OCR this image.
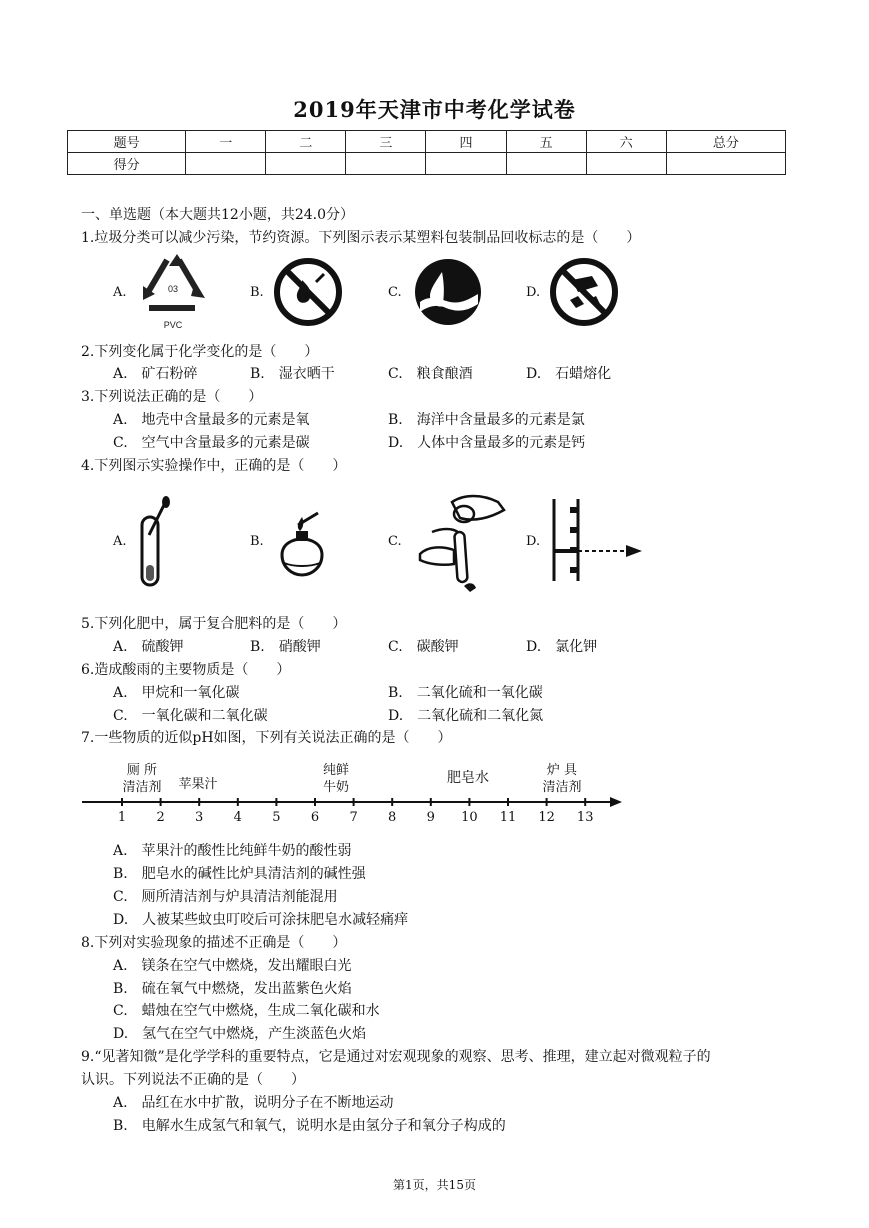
2019年天津市中考化学试卷
题号	一	二	三	四	五	六	总分
得分							
一、单选题（本大题共12小题，共24.0分）
1.垃圾分类可以减少污染，节约资源。下列图示表示某塑料包装制品回收标志的是（　　）
A.	03
PVC
B.	C.	D.
2.下列变化属于化学变化的是（　　）
A.　矿石粉碎	B.　湿衣晒干	C.　粮食酿酒	D.　石蜡熔化
3.下列说法正确的是（　　）
A.　地壳中含量最多的元素是氧	B.　海洋中含量最多的元素是氯
C.　空气中含量最多的元素是碳	D.　人体中含量最多的元素是钙
4.下列图示实验操作中，正确的是（　　）
A.	B.	C.	D.
5.下列化肥中，属于复合肥料的是（　　）
A.　硫酸钾	B.　硝酸钾	C.　碳酸钾	D.　氯化钾
6.造成酸雨的主要物质是（　　）
A.　甲烷和一氧化碳	B.　二氧化硫和一氧化碳
C.　一氧化碳和二氧化碳	D.　二氧化硫和二氧化氮
7.一些物质的近似pH如图，下列有关说法正确的是（　　）
1 2 3 4 5 6 7 8 9 10 11 12 13
厕 所
清洁剂 苹果汁
纯鲜
牛奶
肥皂水	炉 具
清洁剂
A.　苹果汁的酸性比纯鲜牛奶的酸性弱
B.　肥皂水的碱性比炉具清洁剂的碱性强
C.　厕所清洁剂与炉具清洁剂能混用
D.　人被某些蚊虫叮咬后可涂抹肥皂水减轻痛痒
8.下列对实验现象的描述不正确是（　　）
A.　镁条在空气中燃烧，发出耀眼白光
B.　硫在氧气中燃烧，发出蓝紫色火焰
C.　蜡烛在空气中燃烧，生成二氧化碳和水
D.　氢气在空气中燃烧，产生淡蓝色火焰
9.“见著知微”是化学学科的重要特点，它是通过对宏观现象的观察、思考、推理，建立起对微观粒子的
认识。下列说法不正确的是（　　）
A.　品红在水中扩散，说明分子在不断地运动
B.　电解水生成氢气和氧气，说明水是由氢分子和氧分子构成的
第1页，共15页
